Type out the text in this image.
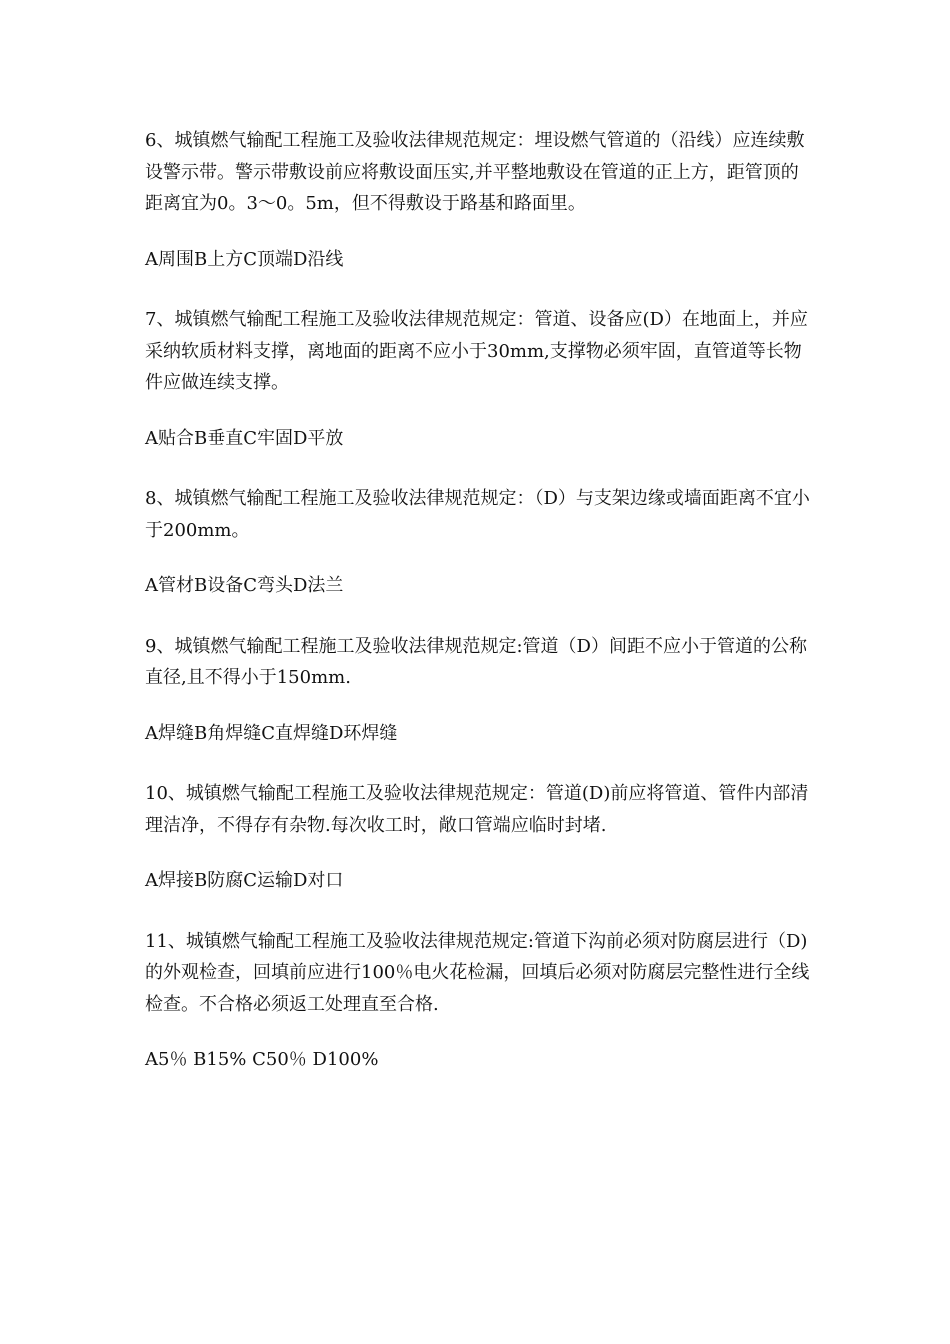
6、城镇燃气输配工程施工及验收法律规范规定：埋设燃气管道的（沿线）应连续敷设警示带。警示带敷设前应将敷设面压实,并平整地敷设在管道的正上方，距管顶的距离宜为0。3～0。5m，但不得敷设于路基和路面里。

A周围B上方C顶端D沿线

7、城镇燃气输配工程施工及验收法律规范规定：管道、设备应(D）在地面上，并应采纳软质材料支撑，离地面的距离不应小于30mm,支撑物必须牢固，直管道等长物件应做连续支撑。

A贴合B垂直C牢固D平放

8、城镇燃气输配工程施工及验收法律规范规定：（D）与支架边缘或墙面距离不宜小于200mm。

A管材B设备C弯头D法兰

9、城镇燃气输配工程施工及验收法律规范规定:管道（D）间距不应小于管道的公称直径,且不得小于150mm.

A焊缝B角焊缝C直焊缝D环焊缝

10、城镇燃气输配工程施工及验收法律规范规定：管道(D)前应将管道、管件内部清理洁净，不得存有杂物.每次收工时，敞口管端应临时封堵.

A焊接B防腐C运输D对口

11、城镇燃气输配工程施工及验收法律规范规定:管道下沟前必须对防腐层进行（D)的外观检查，回填前应进行100％电火花检漏，回填后必须对防腐层完整性进行全线检查。不合格必须返工处理直至合格.

A5％ B15% C50％ D100%
